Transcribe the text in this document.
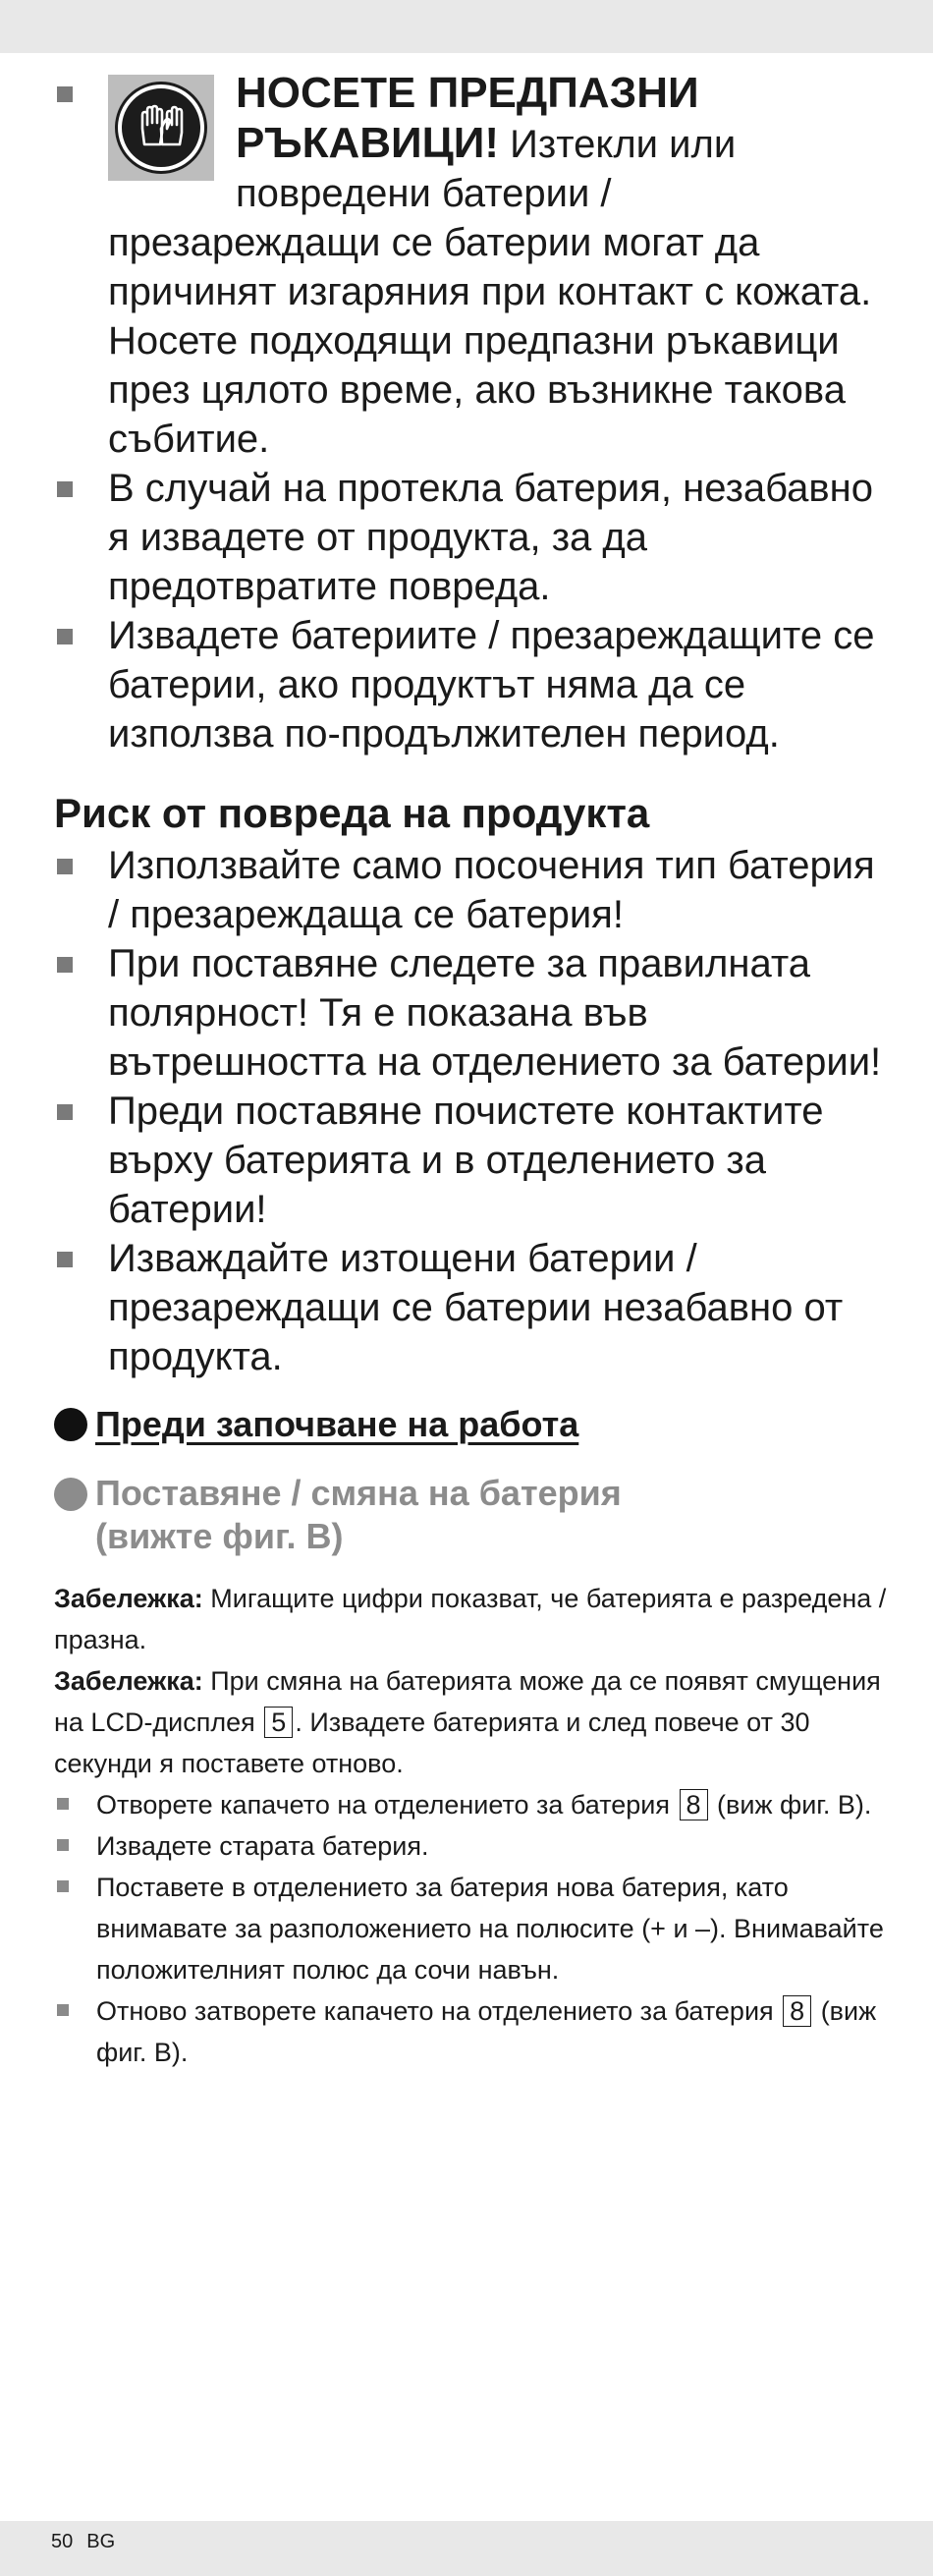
НОСЕТЕ ПРЕДПАЗНИ РЪКАВИЦИ! Изтекли или повредени батерии / презареждащи се батерии могат да причинят изгаряния при контакт с кожата. Носете подходящи предпазни ръкавици през цялото време, ако възникне такова събитие.
В случай на протекла батерия, незабавно я извадете от продукта, за да предотвратите повреда.
Извадете батериите / презареждащите се батерии, ако продуктът няма да се използва по-продължителен период.
Риск от повреда на продукта
Използвайте само посочения тип батерия / презареждаща се батерия!
При поставяне следете за правилната полярност! Тя е показана във вътрешността на отделението за батерии!
Преди поставяне почистете контактите върху батерията и в отделението за батерии!
Изваждайте изтощени батерии / презареждащи се батерии незабавно от продукта.
Преди започване на работа
Поставяне / смяна на батерия
(вижте фиг. B)
Забележка: Мигащите цифри показват, че батерията е разредена / празна.
Забележка: При смяна на батерията може да се появят смущения на LCD-дисплея 5 . Извадете батерията и след повече от 30 секунди я поставете отново.
Отворете капачето на отделението за батерия 8 (виж фиг. B).
Извадете старата батерия.
Поставете в отделението за батерия нова батерия, като внимавате за разположението на полюсите (+ и –). Внимавайте положителният полюс да сочи навън.
Отново затворете капачето на отделението за батерия 8 (виж фиг. B).
50 BG
